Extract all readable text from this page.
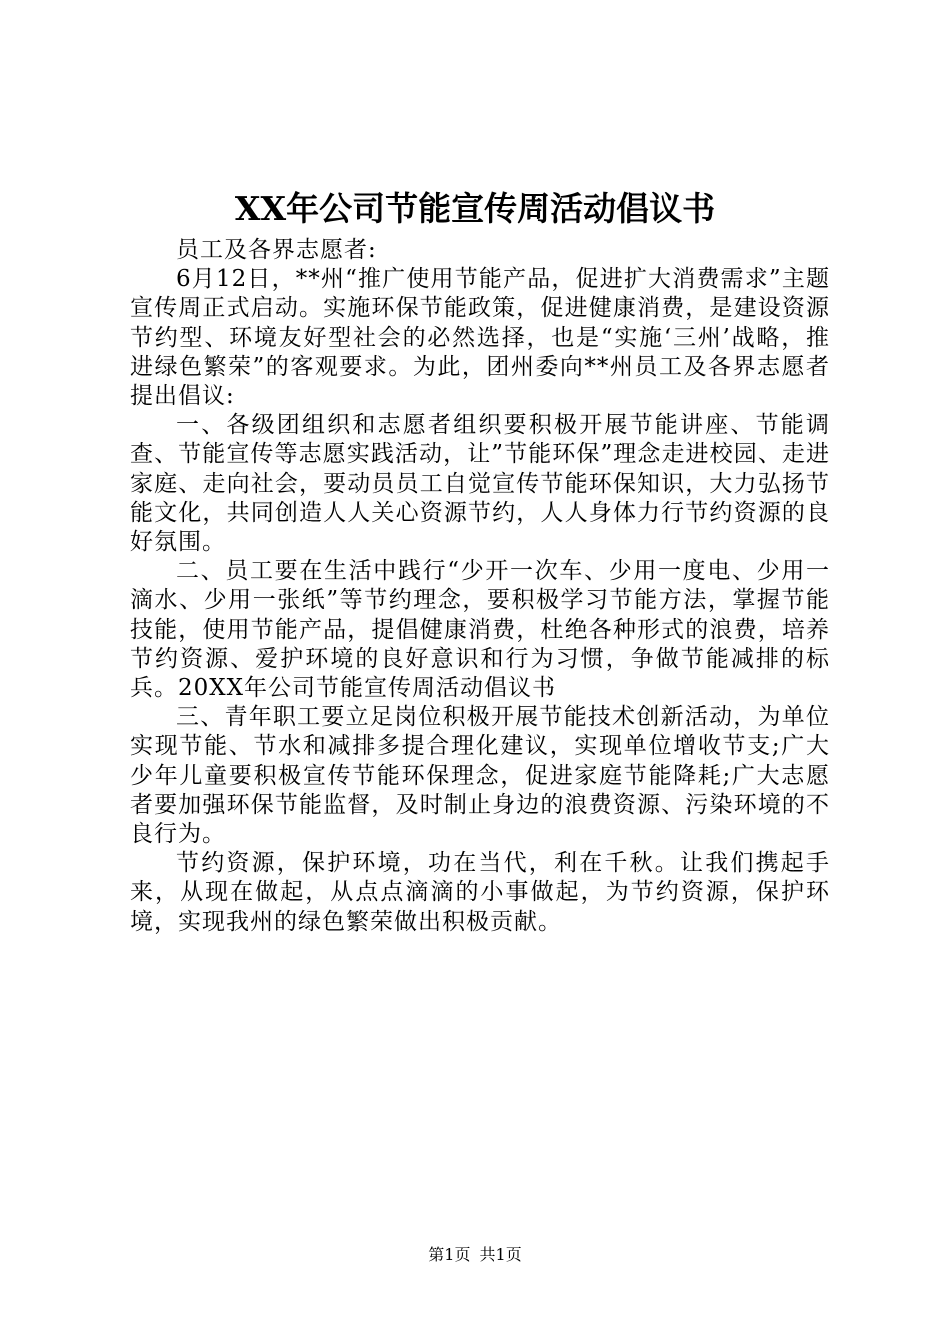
XX年公司节能宣传周活动倡议书

员工及各界志愿者:

6月12日，**州“推广使用节能产品，促进扩大消费需求”主题宣传周正式启动。实施环保节能政策，促进健康消费，是建设资源节约型、环境友好型社会的必然选择，也是“实施‘三州’战略，推进绿色繁荣”的客观要求。为此，团州委向**州员工及各界志愿者提出倡议:

一、各级团组织和志愿者组织要积极开展节能讲座、节能调查、节能宣传等志愿实践活动，让”节能环保”理念走进校园、走进家庭、走向社会，要动员员工自觉宣传节能环保知识，大力弘扬节能文化，共同创造人人关心资源节约，人人身体力行节约资源的良好氛围。

二、员工要在生活中践行“少开一次车、少用一度电、少用一滴水、少用一张纸”等节约理念，要积极学习节能方法，掌握节能技能，使用节能产品，提倡健康消费，杜绝各种形式的浪费，培养节约资源、爱护环境的良好意识和行为习惯，争做节能减排的标兵。20XX年公司节能宣传周活动倡议书

三、青年职工要立足岗位积极开展节能技术创新活动，为单位实现节能、节水和减排多提合理化建议，实现单位增收节支;广大少年儿童要积极宣传节能环保理念，促进家庭节能降耗;广大志愿者要加强环保节能监督，及时制止身边的浪费资源、污染环境的不良行为。

节约资源，保护环境，功在当代，利在千秋。让我们携起手来，从现在做起，从点点滴滴的小事做起，为节约资源，保护环境，实现我州的绿色繁荣做出积极贡献。

第1页 共1页
